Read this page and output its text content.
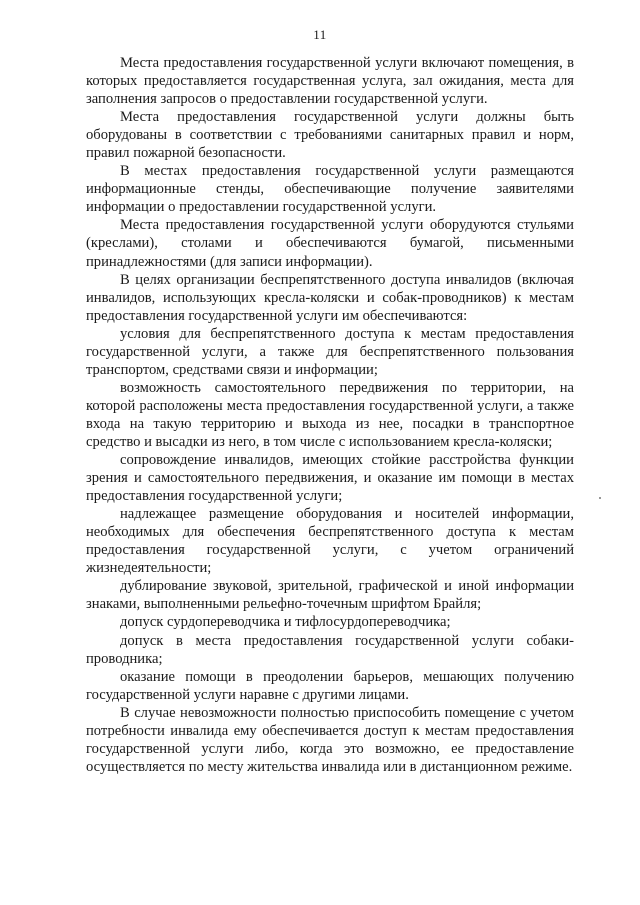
11

Места предоставления государственной услуги включают помещения, в которых предоставляется государственная услуга, зал ожидания, места для заполнения запросов о предоставлении государственной услуги.

Места предоставления государственной услуги должны быть оборудованы в соответствии с требованиями санитарных правил и норм, правил пожарной безопасности.

В местах предоставления государственной услуги размещаются информационные стенды, обеспечивающие получение заявителями информации о предоставлении государственной услуги.

Места предоставления государственной услуги оборудуются стульями (креслами), столами и обеспечиваются бумагой, письменными принадлежностями (для записи информации).

В целях организации беспрепятственного доступа инвалидов (включая инвалидов, использующих кресла-коляски и собак-проводников) к местам предоставления государственной услуги им обеспечиваются:

условия для беспрепятственного доступа к местам предоставления государственной услуги, а также для беспрепятственного пользования транспортом, средствами связи и информации;

возможность самостоятельного передвижения по территории, на которой расположены места предоставления государственной услуги, а также входа на такую территорию и выхода из нее, посадки в транспортное средство и высадки из него, в том числе с использованием кресла-коляски;

сопровождение инвалидов, имеющих стойкие расстройства функции зрения и самостоятельного передвижения, и оказание им помощи в местах предоставления государственной услуги;

надлежащее размещение оборудования и носителей информации, необходимых для обеспечения беспрепятственного доступа к местам предоставления государственной услуги, с учетом ограничений жизнедеятельности;

дублирование звуковой, зрительной, графической и иной информации знаками, выполненными рельефно-точечным шрифтом Брайля;

допуск сурдопереводчика и тифлосурдопереводчика;

допуск в места предоставления государственной услуги собаки-проводника;

оказание помощи в преодолении барьеров, мешающих получению государственной услуги наравне с другими лицами.

В случае невозможности полностью приспособить помещение с учетом потребности инвалида ему обеспечивается доступ к местам предоставления государственной услуги либо, когда это возможно, ее предоставление осуществляется по месту жительства инвалида или в дистанционном режиме.
